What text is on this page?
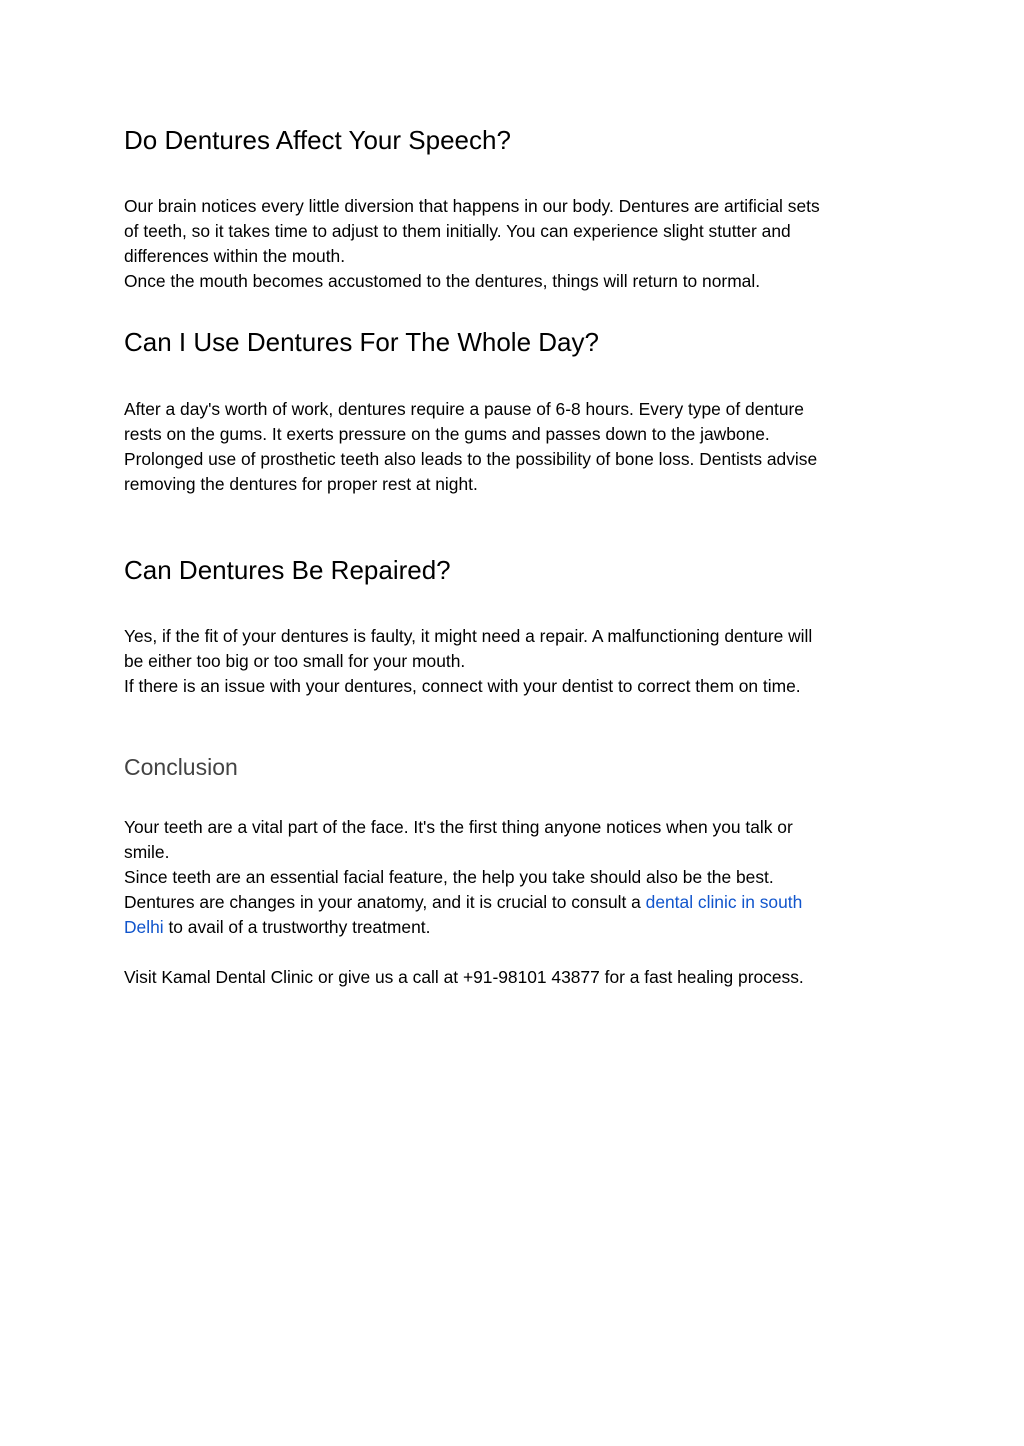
Do Dentures Affect Your Speech?
Our brain notices every little diversion that happens in our body. Dentures are artificial sets
of teeth, so it takes time to adjust to them initially. You can experience slight stutter and
differences within the mouth.
Once the mouth becomes accustomed to the dentures, things will return to normal.
Can I Use Dentures For The Whole Day?
After a day's worth of work, dentures require a pause of 6-8 hours. Every type of denture
rests on the gums. It exerts pressure on the gums and passes down to the jawbone.
Prolonged use of prosthetic teeth also leads to the possibility of bone loss. Dentists advise
removing the dentures for proper rest at night.
Can Dentures Be Repaired?
Yes, if the fit of your dentures is faulty, it might need a repair. A malfunctioning denture will
be either too big or too small for your mouth.
If there is an issue with your dentures, connect with your dentist to correct them on time.
Conclusion
Your teeth are a vital part of the face. It's the first thing anyone notices when you talk or
smile.
Since teeth are an essential facial feature, the help you take should also be the best.
Dentures are changes in your anatomy, and it is crucial to consult a dental clinic in south
Delhi to avail of a trustworthy treatment.

Visit Kamal Dental Clinic or give us a call at +91-98101 43877 for a fast healing process.
